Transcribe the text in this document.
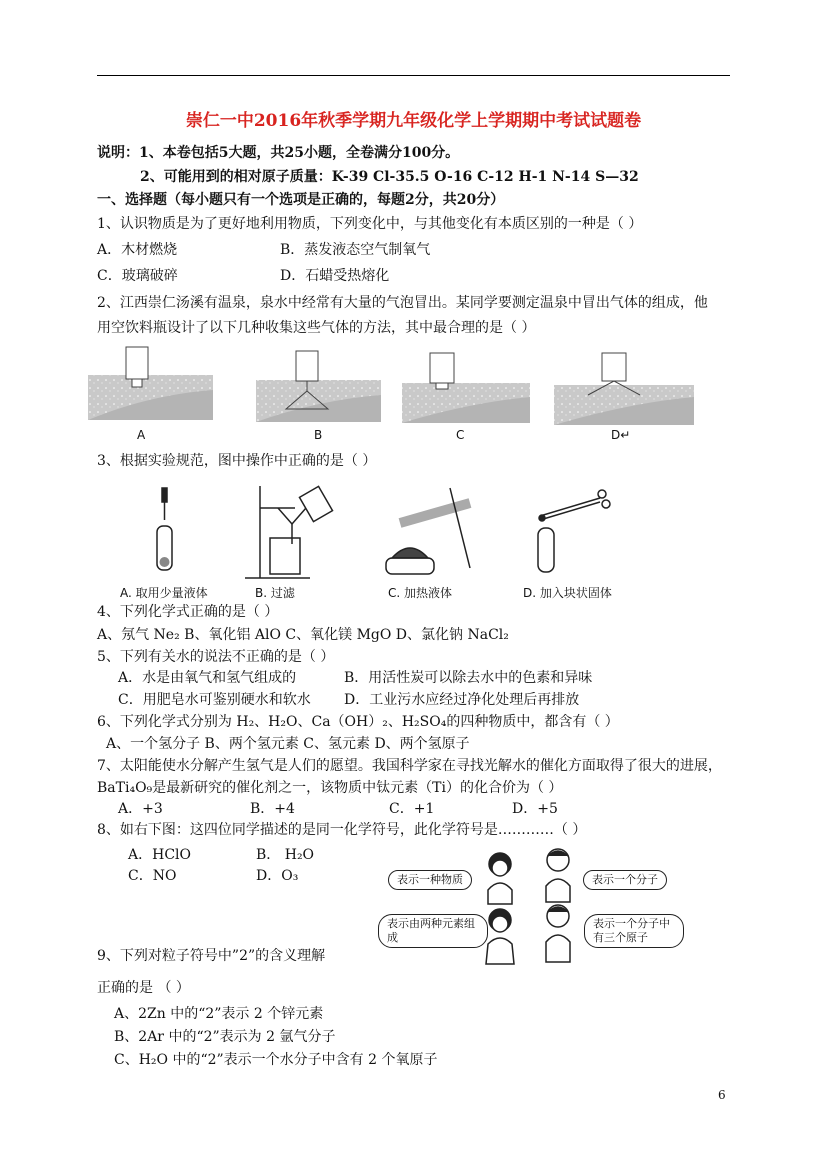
崇仁一中2016年秋季学期九年级化学上学期期中考试试题卷
说明：1、本卷包括5大题，共25小题，全卷满分100分。
2、可能用到的相对原子质量：K-39 Cl-35.5 O-16 C-12 H-1 N-14 S—32
一、选择题（每小题只有一个选项是正确的，每题2分，共20分）
1、认识物质是为了更好地利用物质，下列变化中，与其他变化有本质区别的一种是（ ）
A．木材燃烧	B．蒸发液态空气制氧气
C．玻璃破碎	D．石蜡受热熔化
2、江西崇仁汤溪有温泉，泉水中经常有大量的气泡冒出。某同学要测定温泉中冒出气体的组成，他
用空饮料瓶设计了以下几种收集这些气体的方法，其中最合理的是（ ）
A	B	C	D↵
3、根据实验规范，图中操作中正确的是（ ）
A. 取用少量液体	B. 过滤	C. 加热液体	D. 加入块状固体
4、下列化学式正确的是（ ）
A、氖气 Ne₂ B、氧化铝 AlO C、氧化镁 MgO D、氯化钠 NaCl₂
5、下列有关水的说法不正确的是（ ）
A．水是由氧气和氢气组成的	B．用活性炭可以除去水中的色素和异味
C．用肥皂水可鉴别硬水和软水 D．工业污水应经过净化处理后再排放
6、下列化学式分别为 H₂、H₂O、Ca（OH）₂、H₂SO₄的四种物质中，都含有（ ）
A、一个氢分子 B、两个氢元素 C、氢元素 D、两个氢原子
7、太阳能使水分解产生氢气是人们的愿望。我国科学家在寻找光解水的催化方面取得了很大的进展，
BaTi₄O₉是最新研究的催化剂之一，该物质中钛元素（Ti）的化合价为（ ）
A．+3	B．+4	C．+1	D．+5
8、如右下图：这四位同学描述的是同一化学符号，此化学符号是…………（ ）
A．HClO	B． H₂O
C．NO	D．O₃	表示一种物质	表示一个分子
表示由两种元素组成
表示一个分子中有三个原子
9、下列对粒子符号中”2”的含义理解
正确的是 （ ）
A、2Zn 中的“2”表示 2 个锌元素
B、2Ar 中的“2”表示为 2 氩气分子
C、H₂O 中的“2”表示一个水分子中含有 2 个氧原子
6
